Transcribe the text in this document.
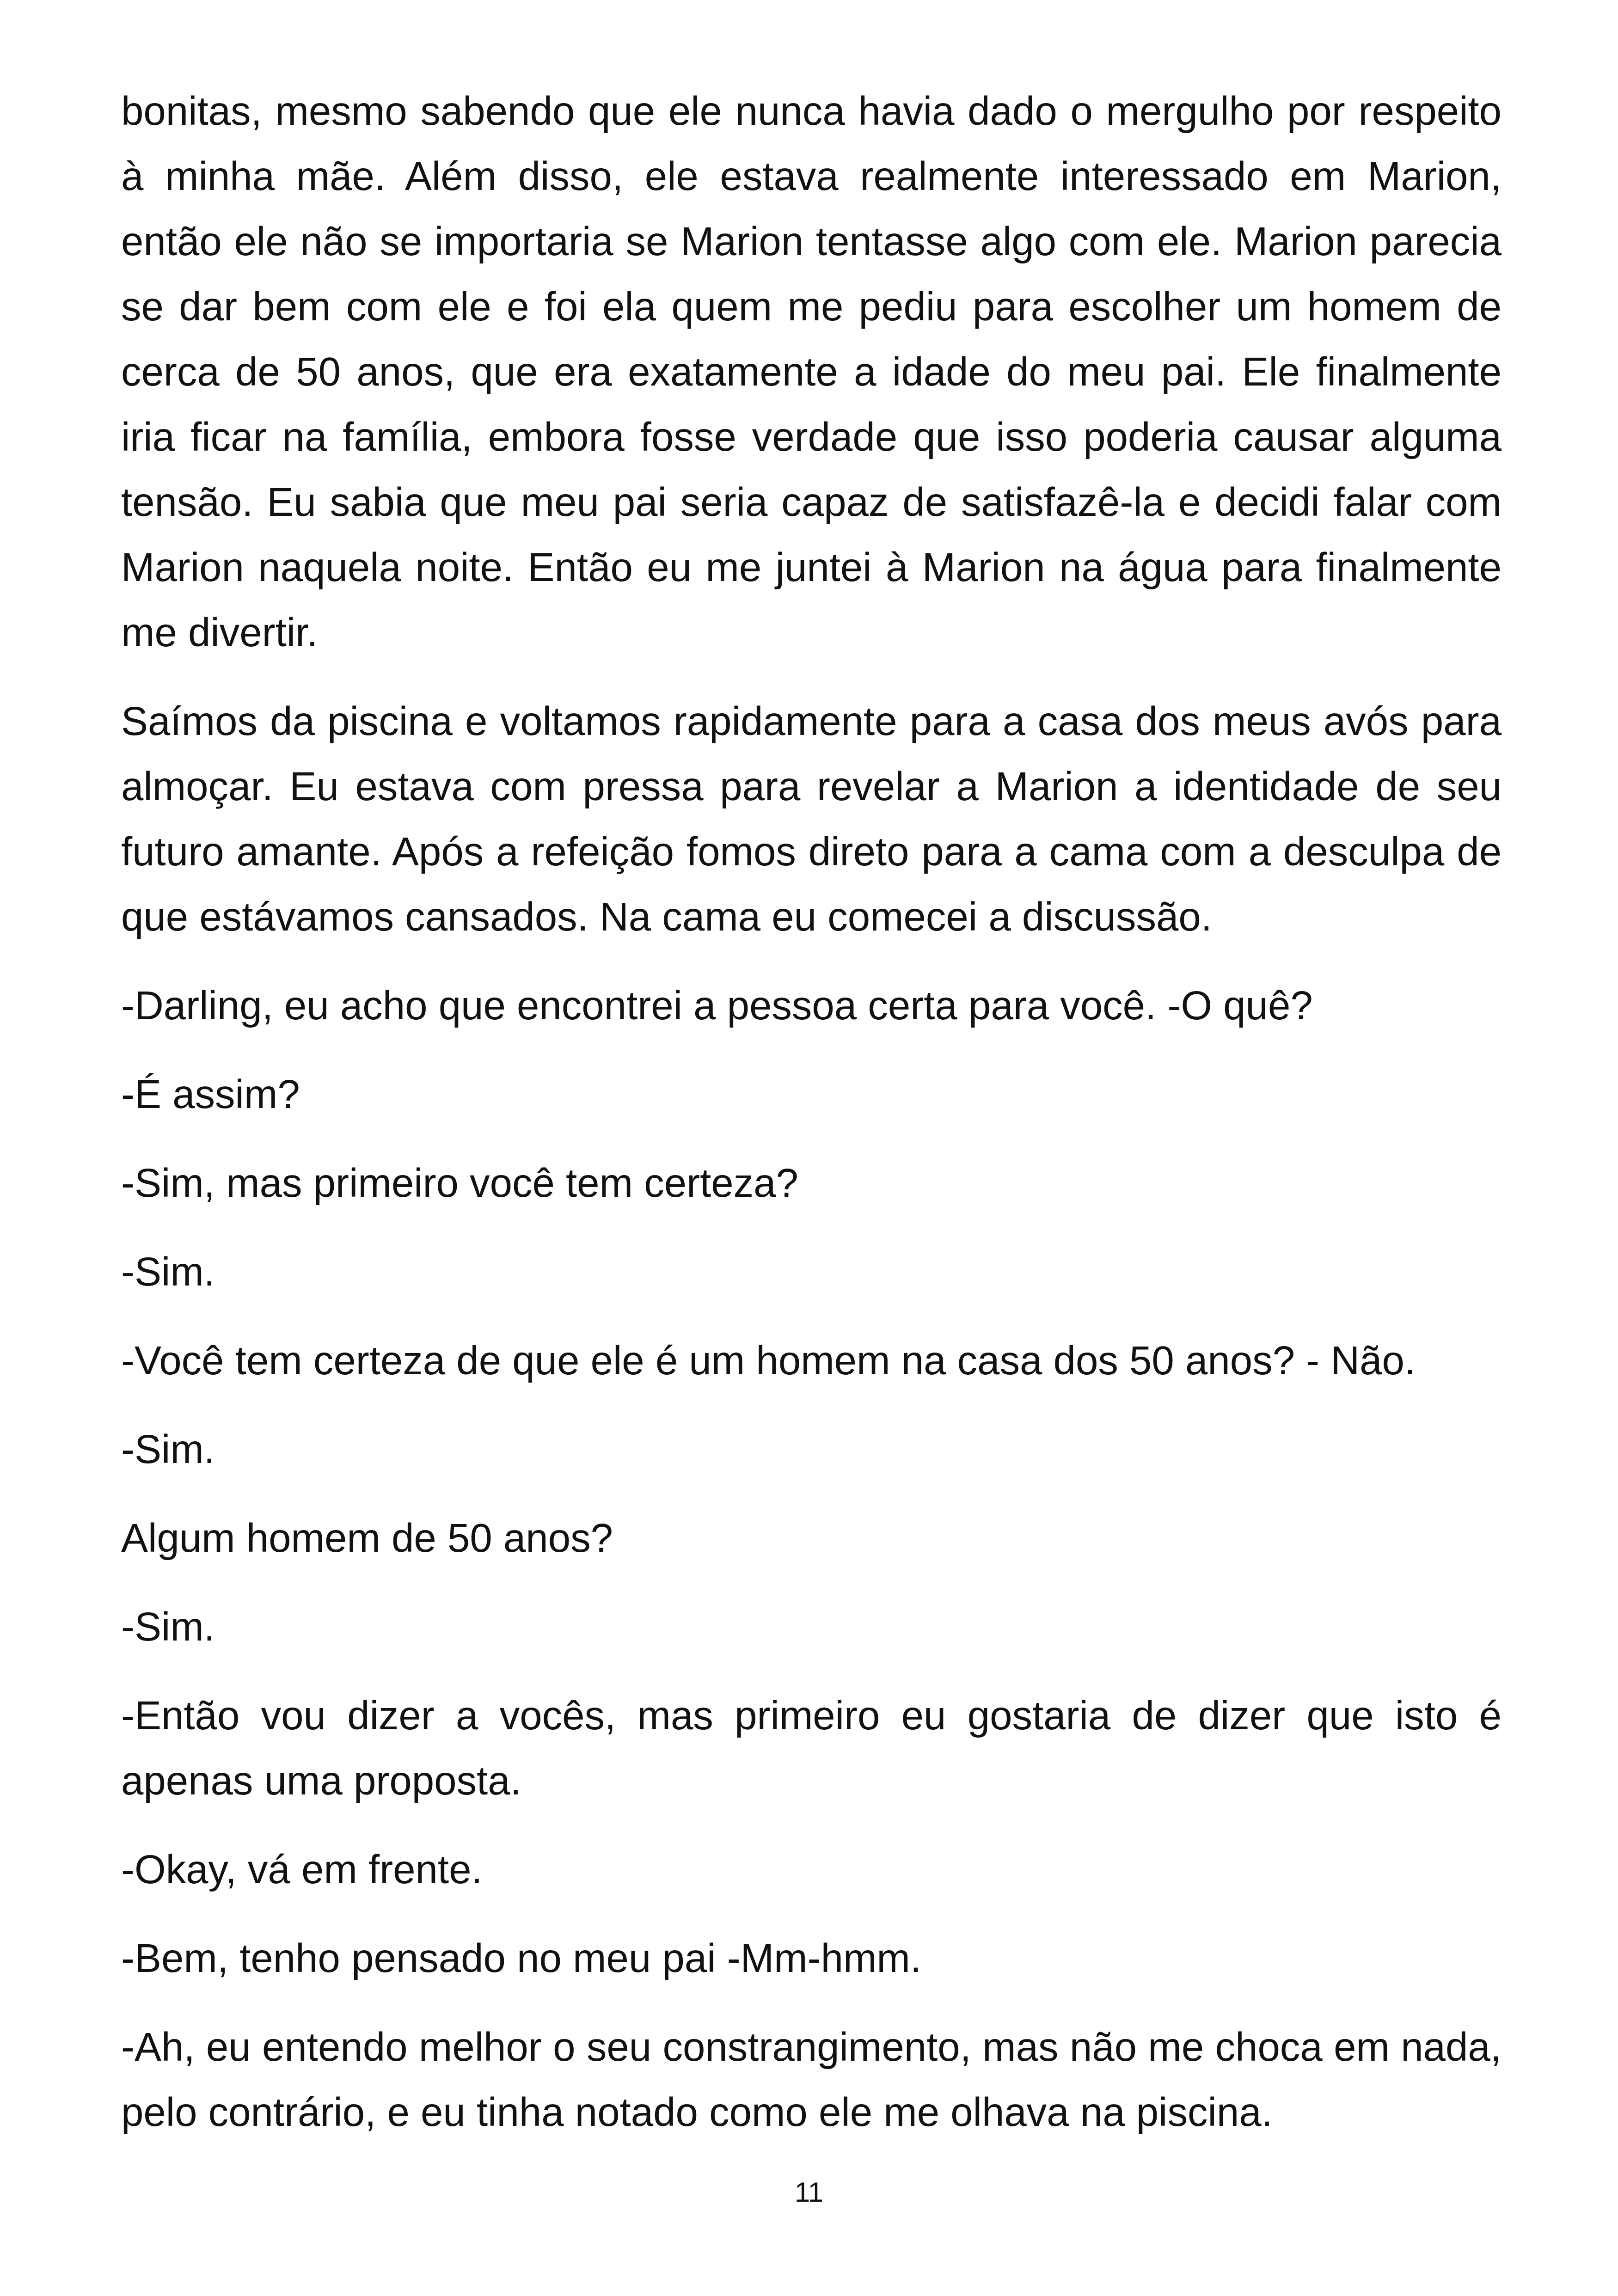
bonitas, mesmo sabendo que ele nunca havia dado o mergulho por respeito à minha mãe. Além disso, ele estava realmente interessado em Marion, então ele não se importaria se Marion tentasse algo com ele. Marion parecia se dar bem com ele e foi ela quem me pediu para escolher um homem de cerca de 50 anos, que era exatamente a idade do meu pai. Ele finalmente iria ficar na família, embora fosse verdade que isso poderia causar alguma tensão. Eu sabia que meu pai seria capaz de satisfazê-la e decidi falar com Marion naquela noite. Então eu me juntei à Marion na água para finalmente me divertir.

Saímos da piscina e voltamos rapidamente para a casa dos meus avós para almoçar. Eu estava com pressa para revelar a Marion a identidade de seu futuro amante. Após a refeição fomos direto para a cama com a desculpa de que estávamos cansados. Na cama eu comecei a discussão.

-Darling, eu acho que encontrei a pessoa certa para você. -O quê?

-É assim?

-Sim, mas primeiro você tem certeza?

-Sim.

-Você tem certeza de que ele é um homem na casa dos 50 anos? - Não.

-Sim.

Algum homem de 50 anos?

-Sim.

-Então vou dizer a vocês, mas primeiro eu gostaria de dizer que isto é apenas uma proposta.

-Okay, vá em frente.

-Bem, tenho pensado no meu pai -Mm-hmm.

-Ah, eu entendo melhor o seu constrangimento, mas não me choca em nada, pelo contrário, e eu tinha notado como ele me olhava na piscina.

11
